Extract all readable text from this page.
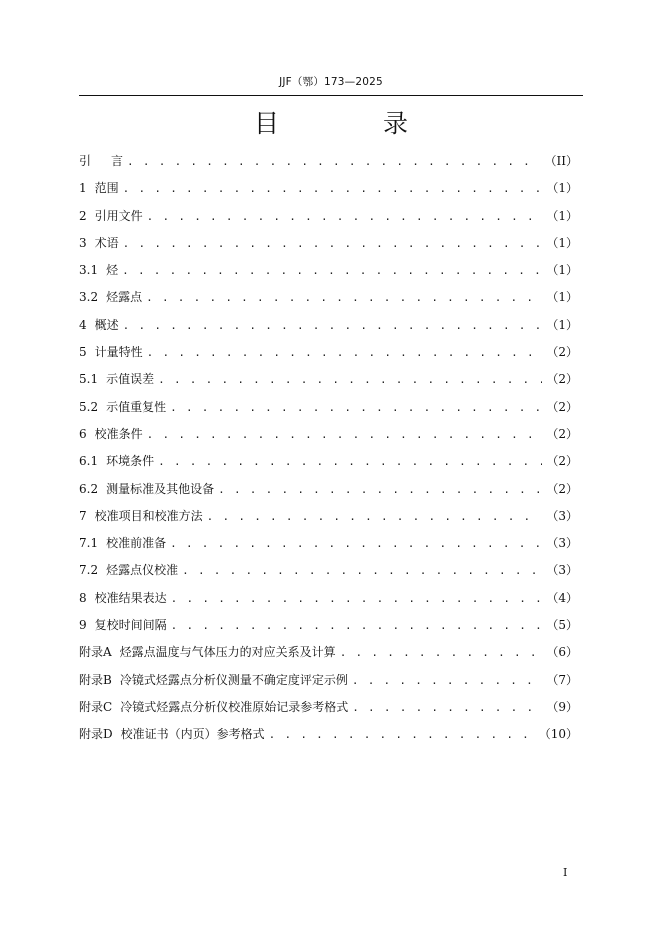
JJF（鄂）173—2025
目 录
引 言 . . .	（II）
1 范围 . . .	（1）
2 引用文件 . . .	（1）
3 术语 . . .	（1）
3.1 烃 . . .	（1）
3.2 烃露点 . . .	（1）
4 概述 . . .	（1）
5 计量特性 . . .	（2）
5.1 示值误差 . . .	（2）
5.2 示值重复性 . . .	（2）
6 校准条件 . . .	（2）
6.1 环境条件 . . .	（2）
6.2 测量标准及其他设备 . . .	（2）
7 校准项目和校准方法 . . .	（3）
7.1 校准前准备 . . .	（3）
7.2 烃露点仪校准 . . .	（3）
8 校准结果表达 . . .	（4）
9 复校时间间隔 . . .	（5）
附录A 烃露点温度与气体压力的对应关系及计算 . . .	（6）
附录B 冷镜式烃露点分析仪测量不确定度评定示例 . . .	（7）
附录C 冷镜式烃露点分析仪校准原始记录参考格式 . . .	（9）
附录D 校准证书（内页）参考格式 . . .	（10）
I
